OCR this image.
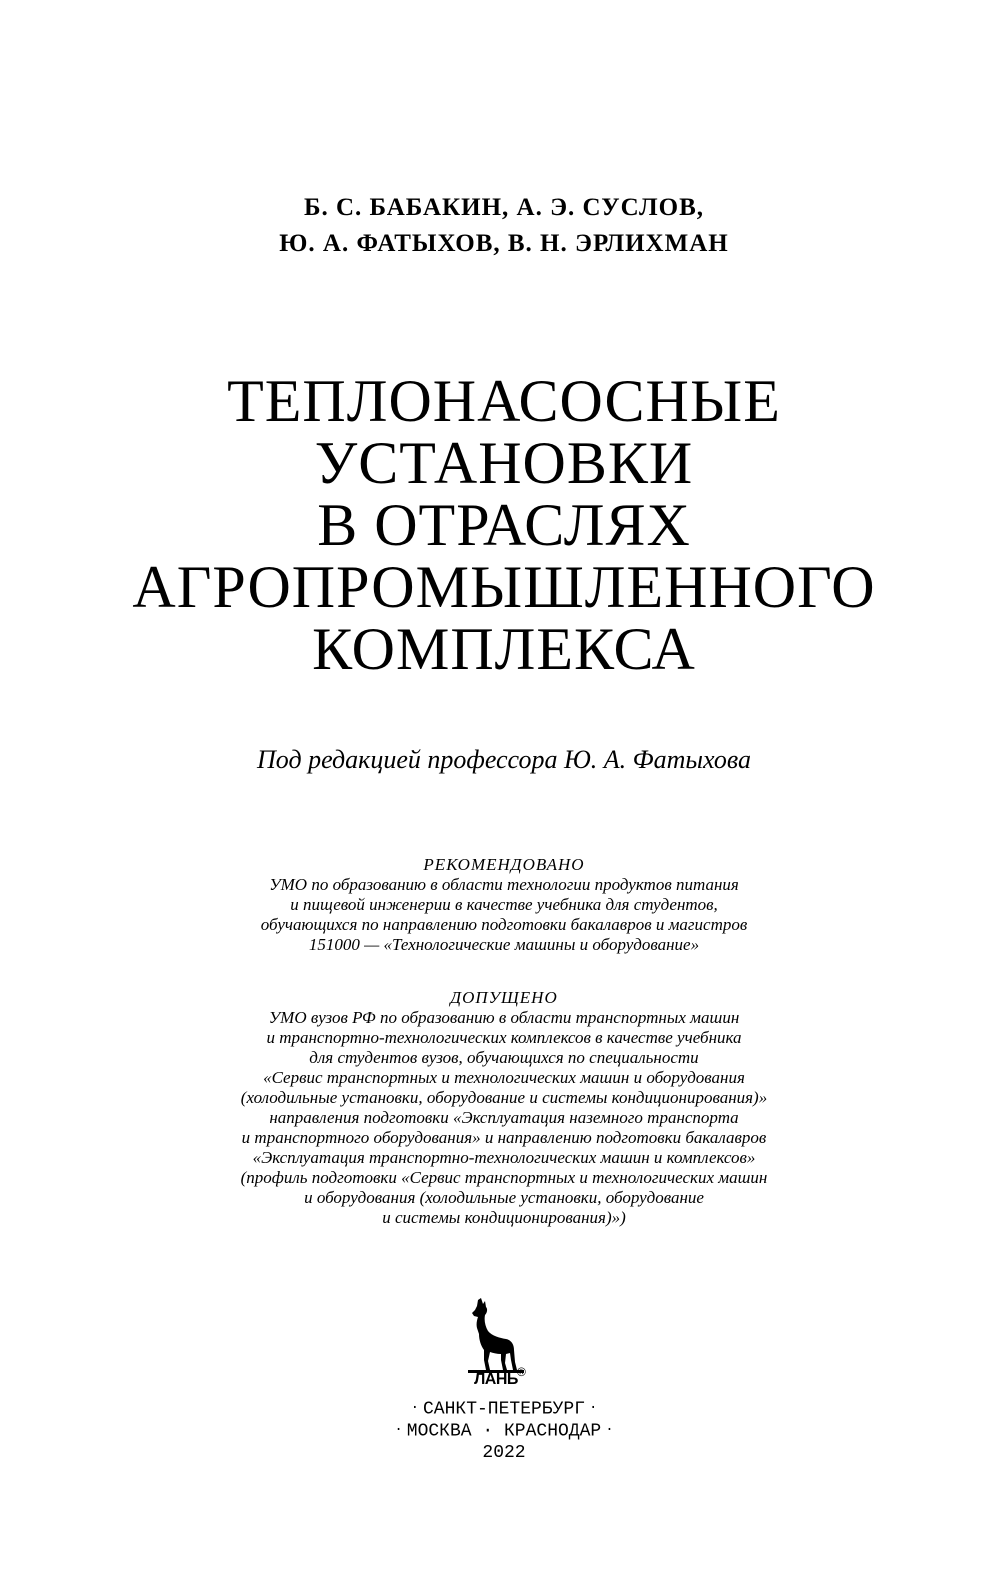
Б. С. БАБАКИН, А. Э. СУСЛОВ,
Ю. А. ФАТЫХОВ, В. Н. ЭРЛИХМАН
ТЕПЛОНАСОСНЫЕ
УСТАНОВКИ
В ОТРАСЛЯХ
АГРОПРОМЫШЛЕННОГО
КОМПЛЕКСА
Под редакцией профессора Ю. А. Фатыхова
РЕКОМЕНДОВАНО
УМО по образованию в области технологии продуктов питания
и пищевой инженерии в качестве учебника для студентов,
обучающихся по направлению подготовки бакалавров и магистров
151000 — «Технологические машины и оборудование»
ДОПУЩЕНО
УМО вузов РФ по образованию в области транспортных машин
и транспортно-технологических комплексов в качестве учебника
для студентов вузов, обучающихся по специальности
«Сервис транспортных и технологических машин и оборудования
(холодильные установки, оборудование и системы кондиционирования)»
направления подготовки «Эксплуатация наземного транспорта
и транспортного оборудования» и направлению подготовки бакалавров
«Эксплуатация транспортно-технологических машин и комплексов»
(профиль подготовки «Сервис транспортных и технологических машин
и оборудования (холодильные установки, оборудование
и системы кондиционирования)»)
ЛАНЬ ®
· САНКТ-ПЕТЕРБУРГ ·
· МОСКВА · КРАСНОДАР ·
2022
